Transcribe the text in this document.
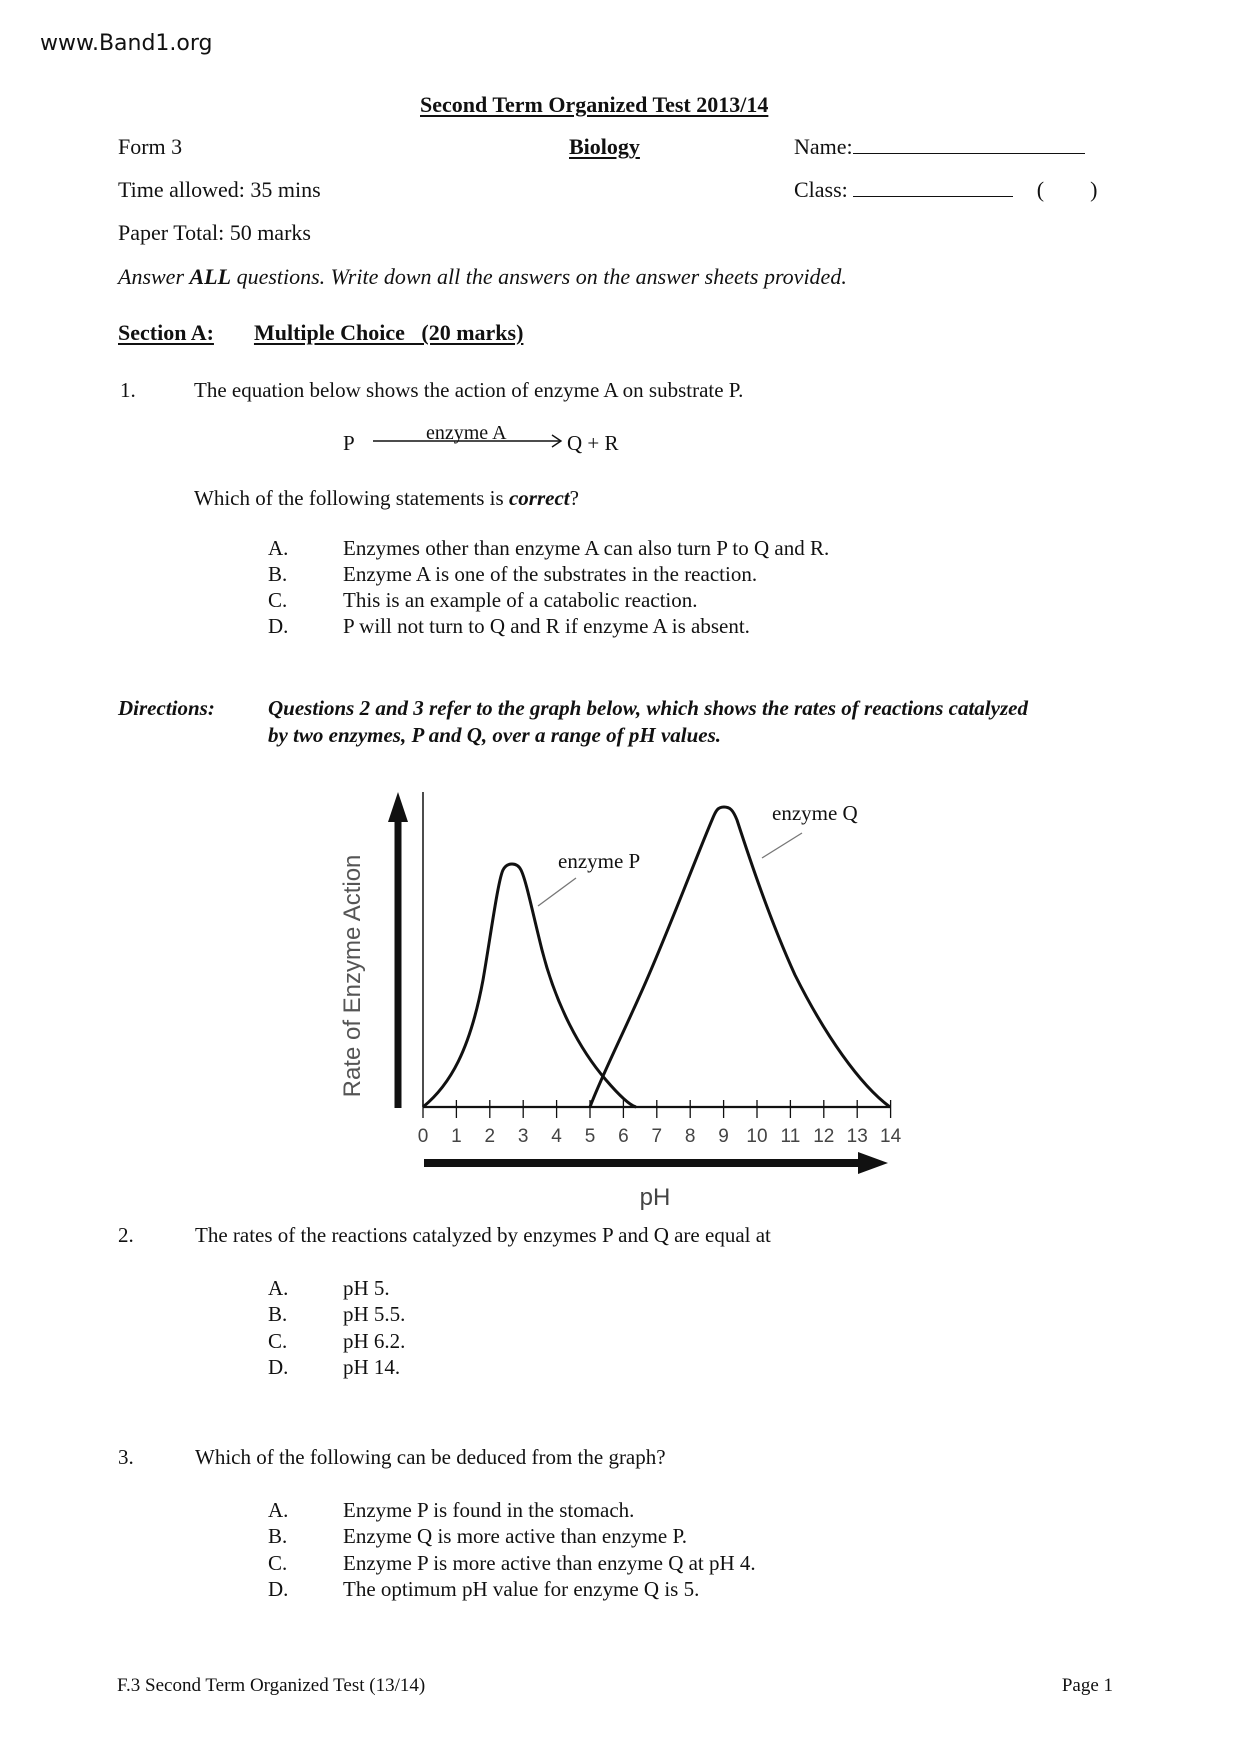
www.Band1.org
Second Term Organized Test 2013/14
Form 3	Biology	Name:
Time allowed: 35 mins	Class:	( )
Paper Total: 50 marks
Answer ALL questions. Write down all the answers on the answer sheets provided.
Section A: Multiple Choice   (20 marks)
1.	The equation below shows the action of enzyme A on substrate P.
P	enzyme A	Q + R
Which of the following statements is correct?
A.	Enzymes other than enzyme A can also turn P to Q and R.
B.	Enzyme A is one of the substrates in the reaction.
C.	This is an example of a catabolic reaction.
D.	P will not turn to Q and R if enzyme A is absent.
Directions:	Questions 2 and 3 refer to the graph below, which shows the rates of reactions catalyzed
by two enzymes, P and Q, over a range of pH values.
Rate of Enzyme Action
0 1 2 3 4 5 6 7 8 9 10 11 12 13 14
pH
enzyme P
enzyme Q
2.	The rates of the reactions catalyzed by enzymes P and Q are equal at
A.	pH 5.
B.	pH 5.5.
C.	pH 6.2.
D.	pH 14.
3.	Which of the following can be deduced from the graph?
A.	Enzyme P is found in the stomach.
B.	Enzyme Q is more active than enzyme P.
C.	Enzyme P is more active than enzyme Q at pH 4.
D.	The optimum pH value for enzyme Q is 5.
F.3 Second Term Organized Test (13/14)	Page 1
